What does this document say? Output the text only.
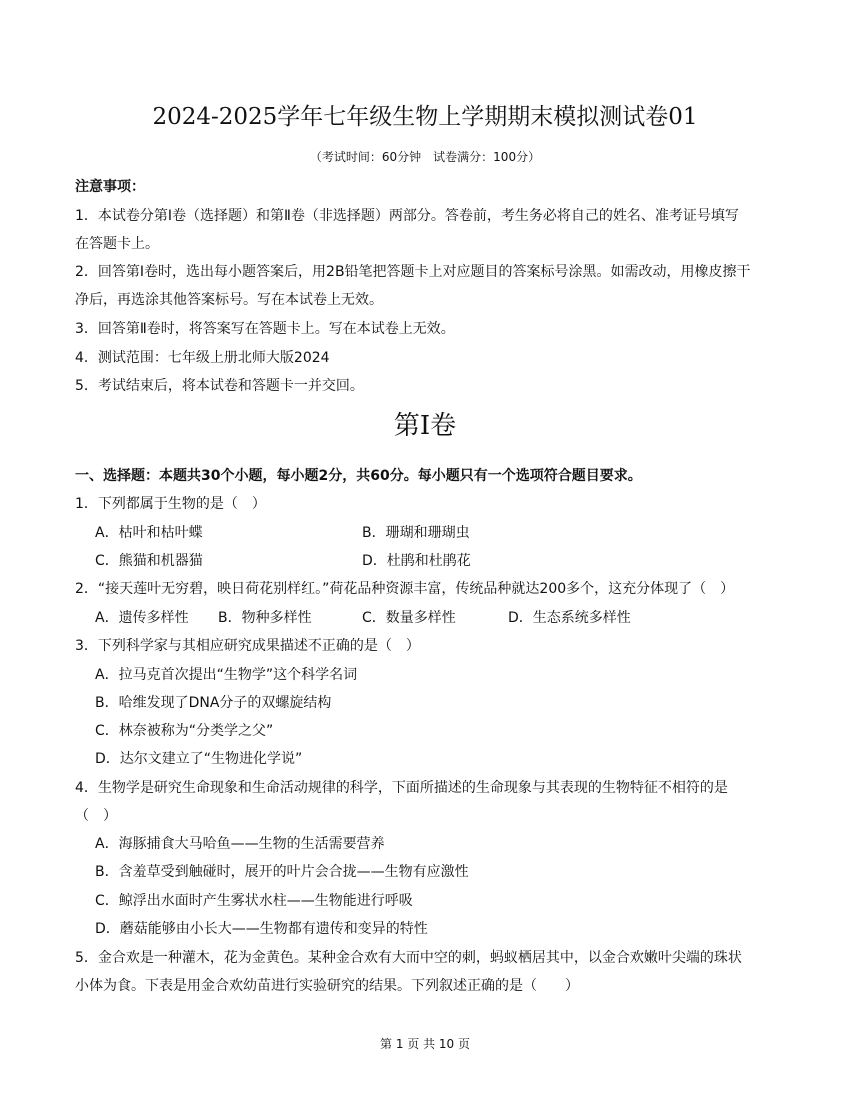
2024-2025学年七年级生物上学期期末模拟测试卷01
（考试时间：60分钟　试卷满分：100分）
注意事项：
1．本试卷分第Ⅰ卷（选择题）和第Ⅱ卷（非选择题）两部分。答卷前，考生务必将自己的姓名、准考证号填写
在答题卡上。
2．回答第Ⅰ卷时，选出每小题答案后，用2B铅笔把答题卡上对应题目的答案标号涂黑。如需改动，用橡皮擦干
净后，再选涂其他答案标号。写在本试卷上无效。
3．回答第Ⅱ卷时，将答案写在答题卡上。写在本试卷上无效。
4．测试范围：七年级上册北师大版2024
5．考试结束后，将本试卷和答题卡一并交回。
第Ⅰ卷
一、选择题：本题共30个小题，每小题2分，共60分。每小题只有一个选项符合题目要求。
1．下列都属于生物的是（　）
A．枯叶和枯叶蝶	B．珊瑚和珊瑚虫
C．熊猫和机器猫	D．杜鹃和杜鹃花
2．“接天莲叶无穷碧，映日荷花别样红。”荷花品种资源丰富，传统品种就达200多个，这充分体现了（　）
A．遗传多样性 B．物种多样性	C．数量多样性	D．生态系统多样性
3．下列科学家与其相应研究成果描述不正确的是（　）
A．拉马克首次提出“生物学”这个科学名词
B．哈维发现了DNA分子的双螺旋结构
C．林奈被称为“分类学之父”
D．达尔文建立了“生物进化学说”
4．生物学是研究生命现象和生命活动规律的科学，下面所描述的生命现象与其表现的生物特征不相符的是
（　）
A．海豚捕食大马哈鱼——生物的生活需要营养
B．含羞草受到触碰时，展开的叶片会合拢——生物有应激性
C．鲸浮出水面时产生雾状水柱——生物能进行呼吸
D．蘑菇能够由小长大——生物都有遗传和变异的特性
5．金合欢是一种灌木，花为金黄色。某种金合欢有大而中空的刺，蚂蚁栖居其中，以金合欢嫩叶尖端的珠状
小体为食。下表是用金合欢幼苗进行实验研究的结果。下列叙述正确的是（　　）
第 1 页 共 10 页
